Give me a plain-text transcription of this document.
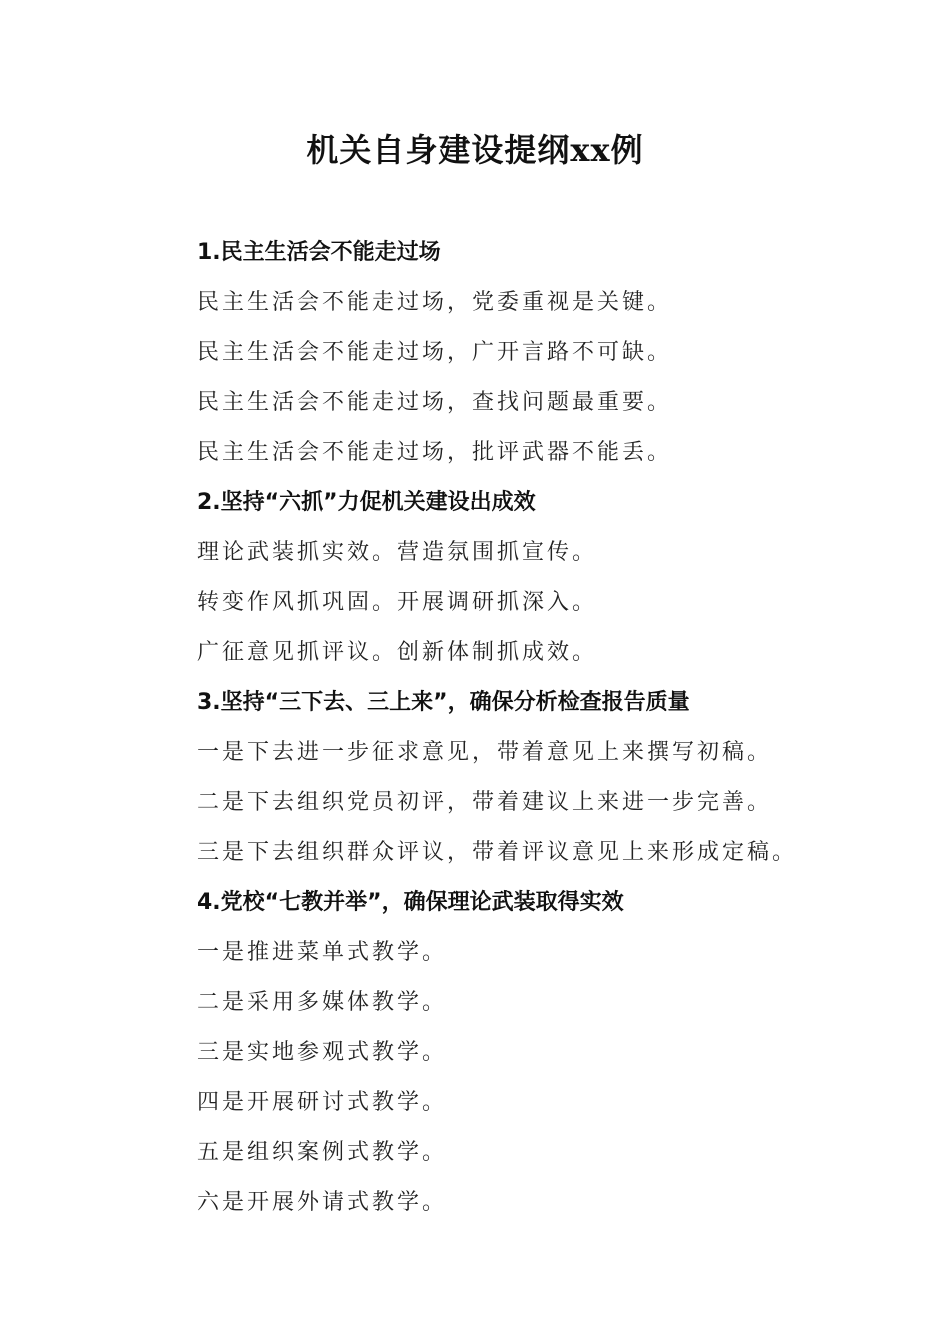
机关自身建设提纲xx例

1.民主生活会不能走过场

民主生活会不能走过场，党委重视是关键。

民主生活会不能走过场，广开言路不可缺。

民主生活会不能走过场，查找问题最重要。

民主生活会不能走过场，批评武器不能丢。

2.坚持“六抓”力促机关建设出成效

理论武装抓实效。营造氛围抓宣传。

转变作风抓巩固。开展调研抓深入。

广征意见抓评议。创新体制抓成效。

3.坚持“三下去、三上来”，确保分析检查报告质量

一是下去进一步征求意见，带着意见上来撰写初稿。

二是下去组织党员初评，带着建议上来进一步完善。

三是下去组织群众评议，带着评议意见上来形成定稿。

4.党校“七教并举”，确保理论武装取得实效

一是推进菜单式教学。

二是采用多媒体教学。

三是实地参观式教学。

四是开展研讨式教学。

五是组织案例式教学。

六是开展外请式教学。
